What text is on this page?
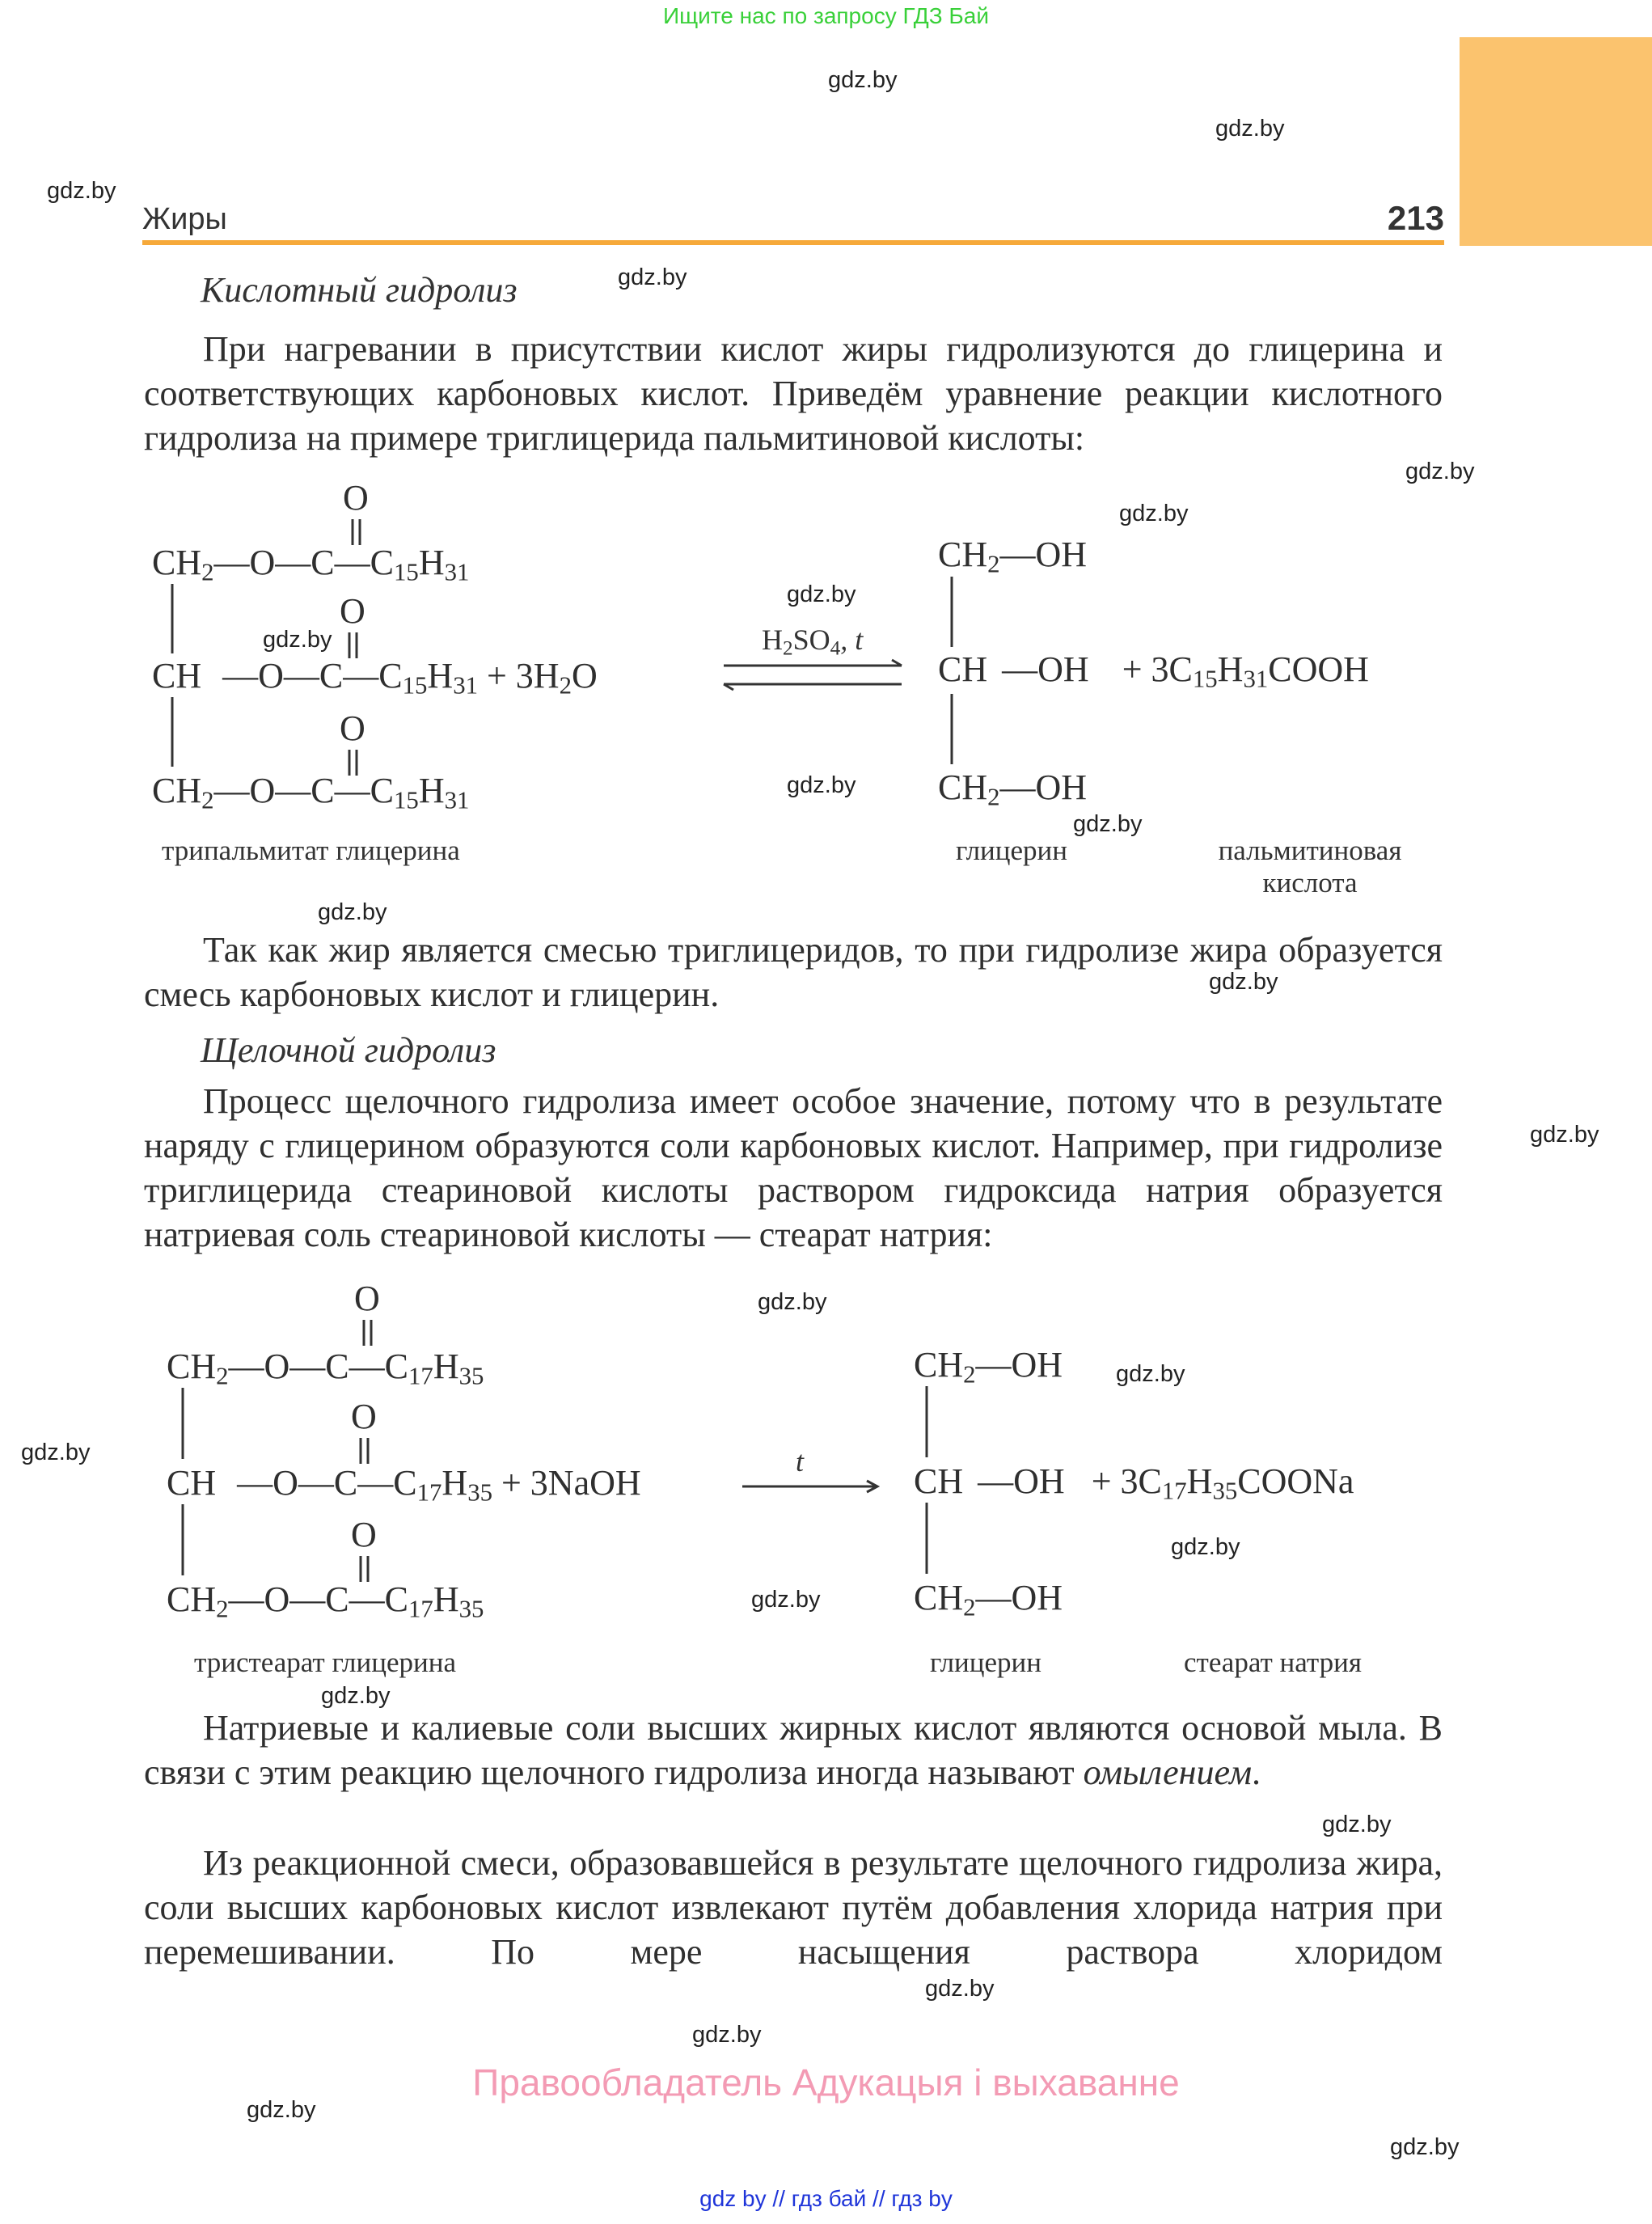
Ищите нас по запросу ГДЗ Бай
Жиры	213
gdz.by
gdz.by
gdz.by
gdz.by
gdz.by
gdz.by
gdz.by
gdz.by
gdz.by
gdz.by
gdz.by
gdz.by
gdz.by
gdz.by
gdz.by
gdz.by
gdz.by
gdz.by
gdz.by
gdz.by
gdz.by
gdz.by
gdz.by
gdz.by
Кислотный гидролиз
При нагревании в присутствии кислот жиры гидролизуются до глицерина и соответствующих карбоновых кислот. Приведём уравнение реакции кислотного гидролиза на примере триглицерида пальмитиновой кислоты:
O
O
O
$CH_2—O—C—C_{15}H_{31}$
CH $—O—C—C_{15}H_{31} + 3H_2O$
$CH_2—O—C—C_{15}H_{31}$
$H_2SO_4$, t
$CH_2—OH$
CH —OH + $3C_{15}H_{31}COOH$
$CH_2—OH$
трипальмитат глицерина	глицерин	пальмитиновая
кислота
Так как жир является смесью триглицеридов, то при гидролизе жира образуется смесь карбоновых кислот и глицерин.
Щелочной гидролиз
Процесс щелочного гидролиза имеет особое значение, потому что в результате наряду с глицерином образуются соли карбоновых кислот. Например, при гидролизе триглицерида стеариновой кислоты раствором гидроксида натрия образуется натриевая соль стеариновой кислоты — стеарат натрия:
O
O
O
$CH_2—O—C—C_{17}H_{35}$
CH $—O—C—C_{17}H_{35}$ + 3NaOH
$CH_2—O—C—C_{17}H_{35}$
t
$CH_2—OH$
CH —OH + $3C_{17}H_{35}COONa$
$CH_2—OH$
тристеарат глицерина	глицерин	стеарат натрия
Натриевые и калиевые соли высших жирных кислот являются основой мыла. В связи с этим реакцию щелочного гидролиза иногда называют омылением.
Из реакционной смеси, образовавшейся в результате щелочного гидролиза жира, соли высших карбоновых кислот извлекают путём добавления хлорида натрия при перемешивании. По мере насыщения раствора хлоридом
Правообладатель Адукацыя і выхаванне
gdz by // гдз бай // гдз by
